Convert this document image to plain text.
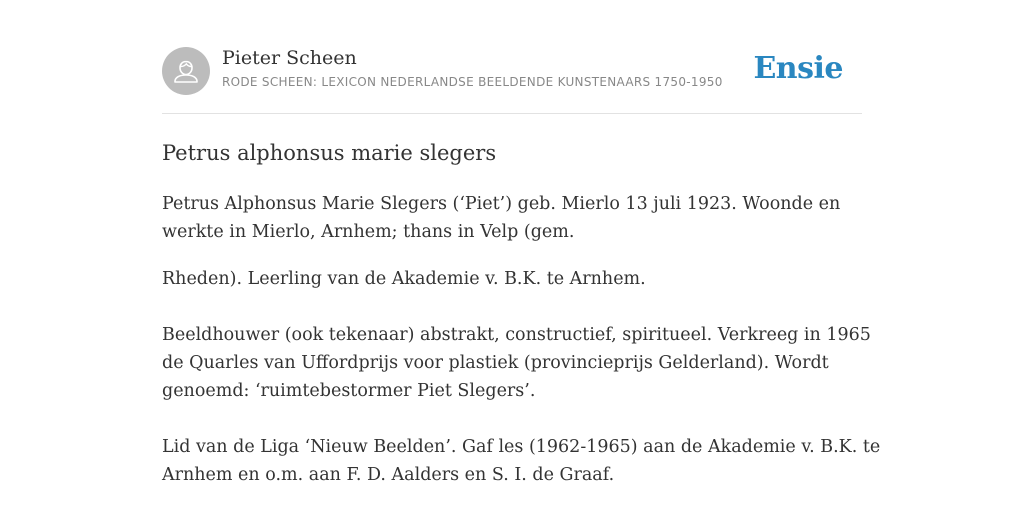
Pieter Scheen
RODE SCHEEN: LEXICON NEDERLANDSE BEELDENDE KUNSTENAARS 1750-1950 Ensie
Petrus alphonsus marie slegers

Petrus Alphonsus Marie Slegers (‘Piet’) geb. Mierlo 13 juli 1923. Woonde en
werkte in Mierlo, Arnhem; thans in Velp (gem.

Rheden). Leerling van de Akademie v. B.K. te Arnhem.

Beeldhouwer (ook tekenaar) abstrakt, constructief, spiritueel. Verkreeg in 1965
de Quarles van Uffordprijs voor plastiek (provincieprijs Gelderland). Wordt
genoemd: ‘ruimtebestormer Piet Slegers’.

Lid van de Liga ‘Nieuw Beelden’. Gaf les (1962-1965) aan de Akademie v. B.K. te
Arnhem en o.m. aan F. D. Aalders en S. I. de Graaf.
